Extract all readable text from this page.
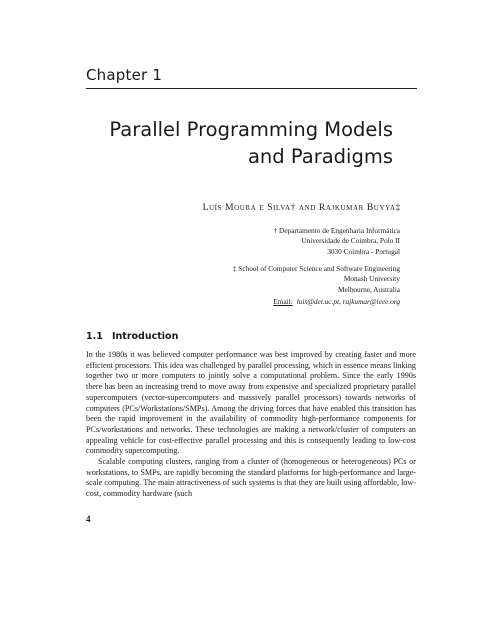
Chapter 1
Parallel Programming Models
and Paradigms
Luís Moura e Silva† and Rajkumar Buyya‡
† Departamento de Engenharia Informática
Universidade de Coimbra, Polo II
3030 Coimbra - Portugal
‡ School of Computer Science and Software Engineering
Monash University
Melbourne, Australia
Email: luis@dei.uc.pt, rajkumar@ieee.org
1.1 Introduction

In the 1980s it was believed computer performance was best improved by creating faster and more efficient processors. This idea was challenged by parallel processing, which in essence means linking together two or more computers to jointly solve a computational problem. Since the early 1990s there has been an increasing trend to move away from expensive and specialized proprietary parallel supercomputers (vector-supercomputers and massively parallel processors) towards networks of computers (PCs/Workstations/SMPs). Among the driving forces that have enabled this transition has been the rapid improvement in the availability of commodity high-performance components for PCs/workstations and networks. These technologies are making a network/cluster of computers an appealing vehicle for cost-effective parallel processing and this is consequently leading to low-cost commodity supercomputing.

Scalable computing clusters, ranging from a cluster of (homogeneous or heterogeneous) PCs or workstations, to SMPs, are rapidly becoming the standard platforms for high-performance and large-scale computing. The main attractiveness of such systems is that they are built using affordable, low-cost, commodity hardware (such

4
